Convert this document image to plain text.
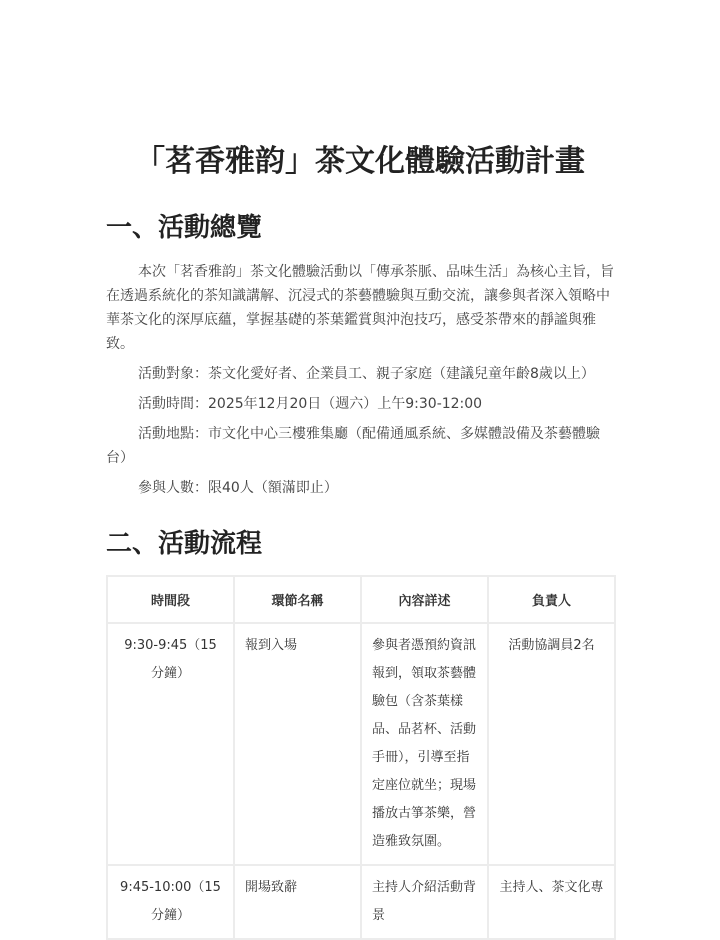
「茗香雅韵」茶文化體驗活動計畫
一、活動總覽

本次「茗香雅韵」茶文化體驗活動以「傳承茶脈、品味生活」為核心主旨，旨在透過系統化的茶知識講解、沉浸式的茶藝體驗與互動交流，讓參與者深入領略中華茶文化的深厚底蘊，掌握基礎的茶葉鑑賞與沖泡技巧，感受茶帶來的靜謐與雅致。

活動對象：茶文化愛好者、企業員工、親子家庭（建議兒童年齡8歲以上）

活動時間：2025年12月20日（週六）上午9:30-12:00

活動地點：市文化中心三樓雅集廳（配備通風系統、多媒體設備及茶藝體驗台）

參與人數：限40人（額滿即止）

二、活動流程
時間段	環節名稱	內容詳述	負責人
9:30-9:45（15分鐘）	報到入場	參與者憑預約資訊報到，領取茶藝體驗包（含茶葉樣品、品茗杯、活動手冊），引導至指定座位就坐；現場播放古箏茶樂，營造雅致氛圍。	活動協調員2名
9:45-10:00（15分鐘）	開場致辭	主持人介紹活動背景	主持人、茶文化專
